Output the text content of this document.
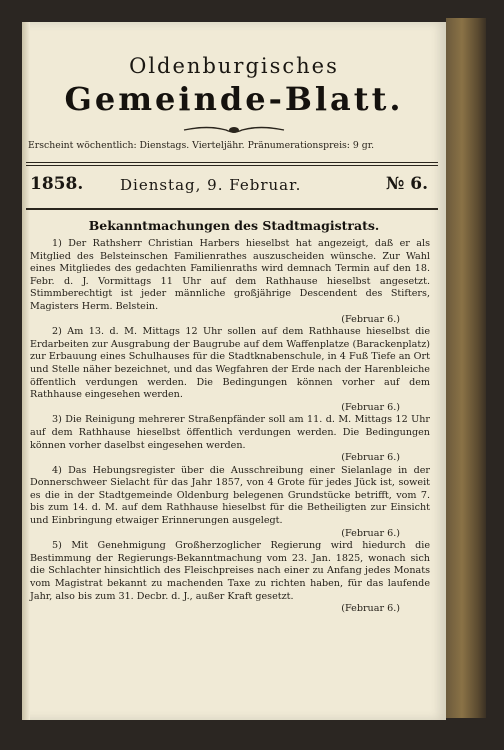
Oldenburgisches
Gemeinde-Blatt.
Erscheint wöchentlich: Dienstags. Vierteljähr. Pränumerationspreis: 9 gr.
1858. Dienstag, 9. Februar.	№ 6.
Bekanntmachungen des Stadtmagistrats.

1) Der Rathsherr Christian Harbers hieselbst hat angezeigt, daß er als Mitglied des Belsteinschen Familienrathes auszuscheiden wünsche. Zur Wahl eines Mitgliedes des gedachten Familienraths wird demnach Termin auf den 18. Febr. d. J. Vormittags 11 Uhr auf dem Rathhause hieselbst angesetzt. Stimmberechtigt ist jeder männliche großjährige Descendent des Stifters, Magisters Herm. Belstein.

(Februar 6.)

2) Am 13. d. M. Mittags 12 Uhr sollen auf dem Rathhause hieselbst die Erdarbeiten zur Ausgrabung der Baugrube auf dem Waffenplatze (Barackenplatz) zur Erbauung eines Schulhauses für die Stadtknabenschule, in 4 Fuß Tiefe an Ort und Stelle näher bezeichnet, und das Wegfahren der Erde nach der Harenbleiche öffentlich verdungen werden. Die Bedingungen können vorher auf dem Rathhause eingesehen werden.

(Februar 6.)

3) Die Reinigung mehrerer Straßenpfänder soll am 11. d. M. Mittags 12 Uhr auf dem Rathhause hieselbst öffentlich verdungen werden. Die Bedingungen können vorher daselbst eingesehen werden.

(Februar 6.)

4) Das Hebungsregister über die Ausschreibung einer Sielanlage in der Donnerschweer Sielacht für das Jahr 1857, von 4 Grote für jedes Jück ist, soweit es die in der Stadtgemeinde Oldenburg belegenen Grundstücke betrifft, vom 7. bis zum 14. d. M. auf dem Rathhause hieselbst für die Betheiligten zur Einsicht und Einbringung etwaiger Erinnerungen ausgelegt.

(Februar 6.)

5) Mit Genehmigung Großherzoglicher Regierung wird hiedurch die Bestimmung der Regierungs-Bekanntmachung vom 23. Jan. 1825, wonach sich die Schlachter hinsichtlich des Fleischpreises nach einer zu Anfang jedes Monats vom Magistrat bekannt zu machenden Taxe zu richten haben, für das laufende Jahr, also bis zum 31. Decbr. d. J., außer Kraft gesetzt.

(Februar 6.)
